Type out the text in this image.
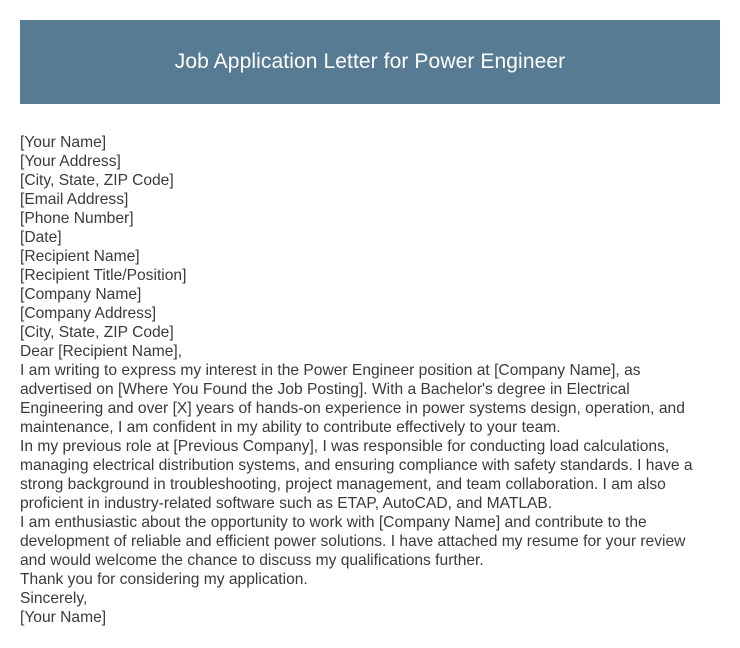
Job Application Letter for Power Engineer
[Your Name]
[Your Address]
[City, State, ZIP Code]
[Email Address]
[Phone Number]
[Date]
[Recipient Name]
[Recipient Title/Position]
[Company Name]
[Company Address]
[City, State, ZIP Code]
Dear [Recipient Name],
I am writing to express my interest in the Power Engineer position at [Company Name], as
advertised on [Where You Found the Job Posting]. With a Bachelor's degree in Electrical
Engineering and over [X] years of hands-on experience in power systems design, operation, and
maintenance, I am confident in my ability to contribute effectively to your team.
In my previous role at [Previous Company], I was responsible for conducting load calculations,
managing electrical distribution systems, and ensuring compliance with safety standards. I have a
strong background in troubleshooting, project management, and team collaboration. I am also
proficient in industry-related software such as ETAP, AutoCAD, and MATLAB.
I am enthusiastic about the opportunity to work with [Company Name] and contribute to the
development of reliable and efficient power solutions. I have attached my resume for your review
and would welcome the chance to discuss my qualifications further.
Thank you for considering my application.
Sincerely,
[Your Name]
